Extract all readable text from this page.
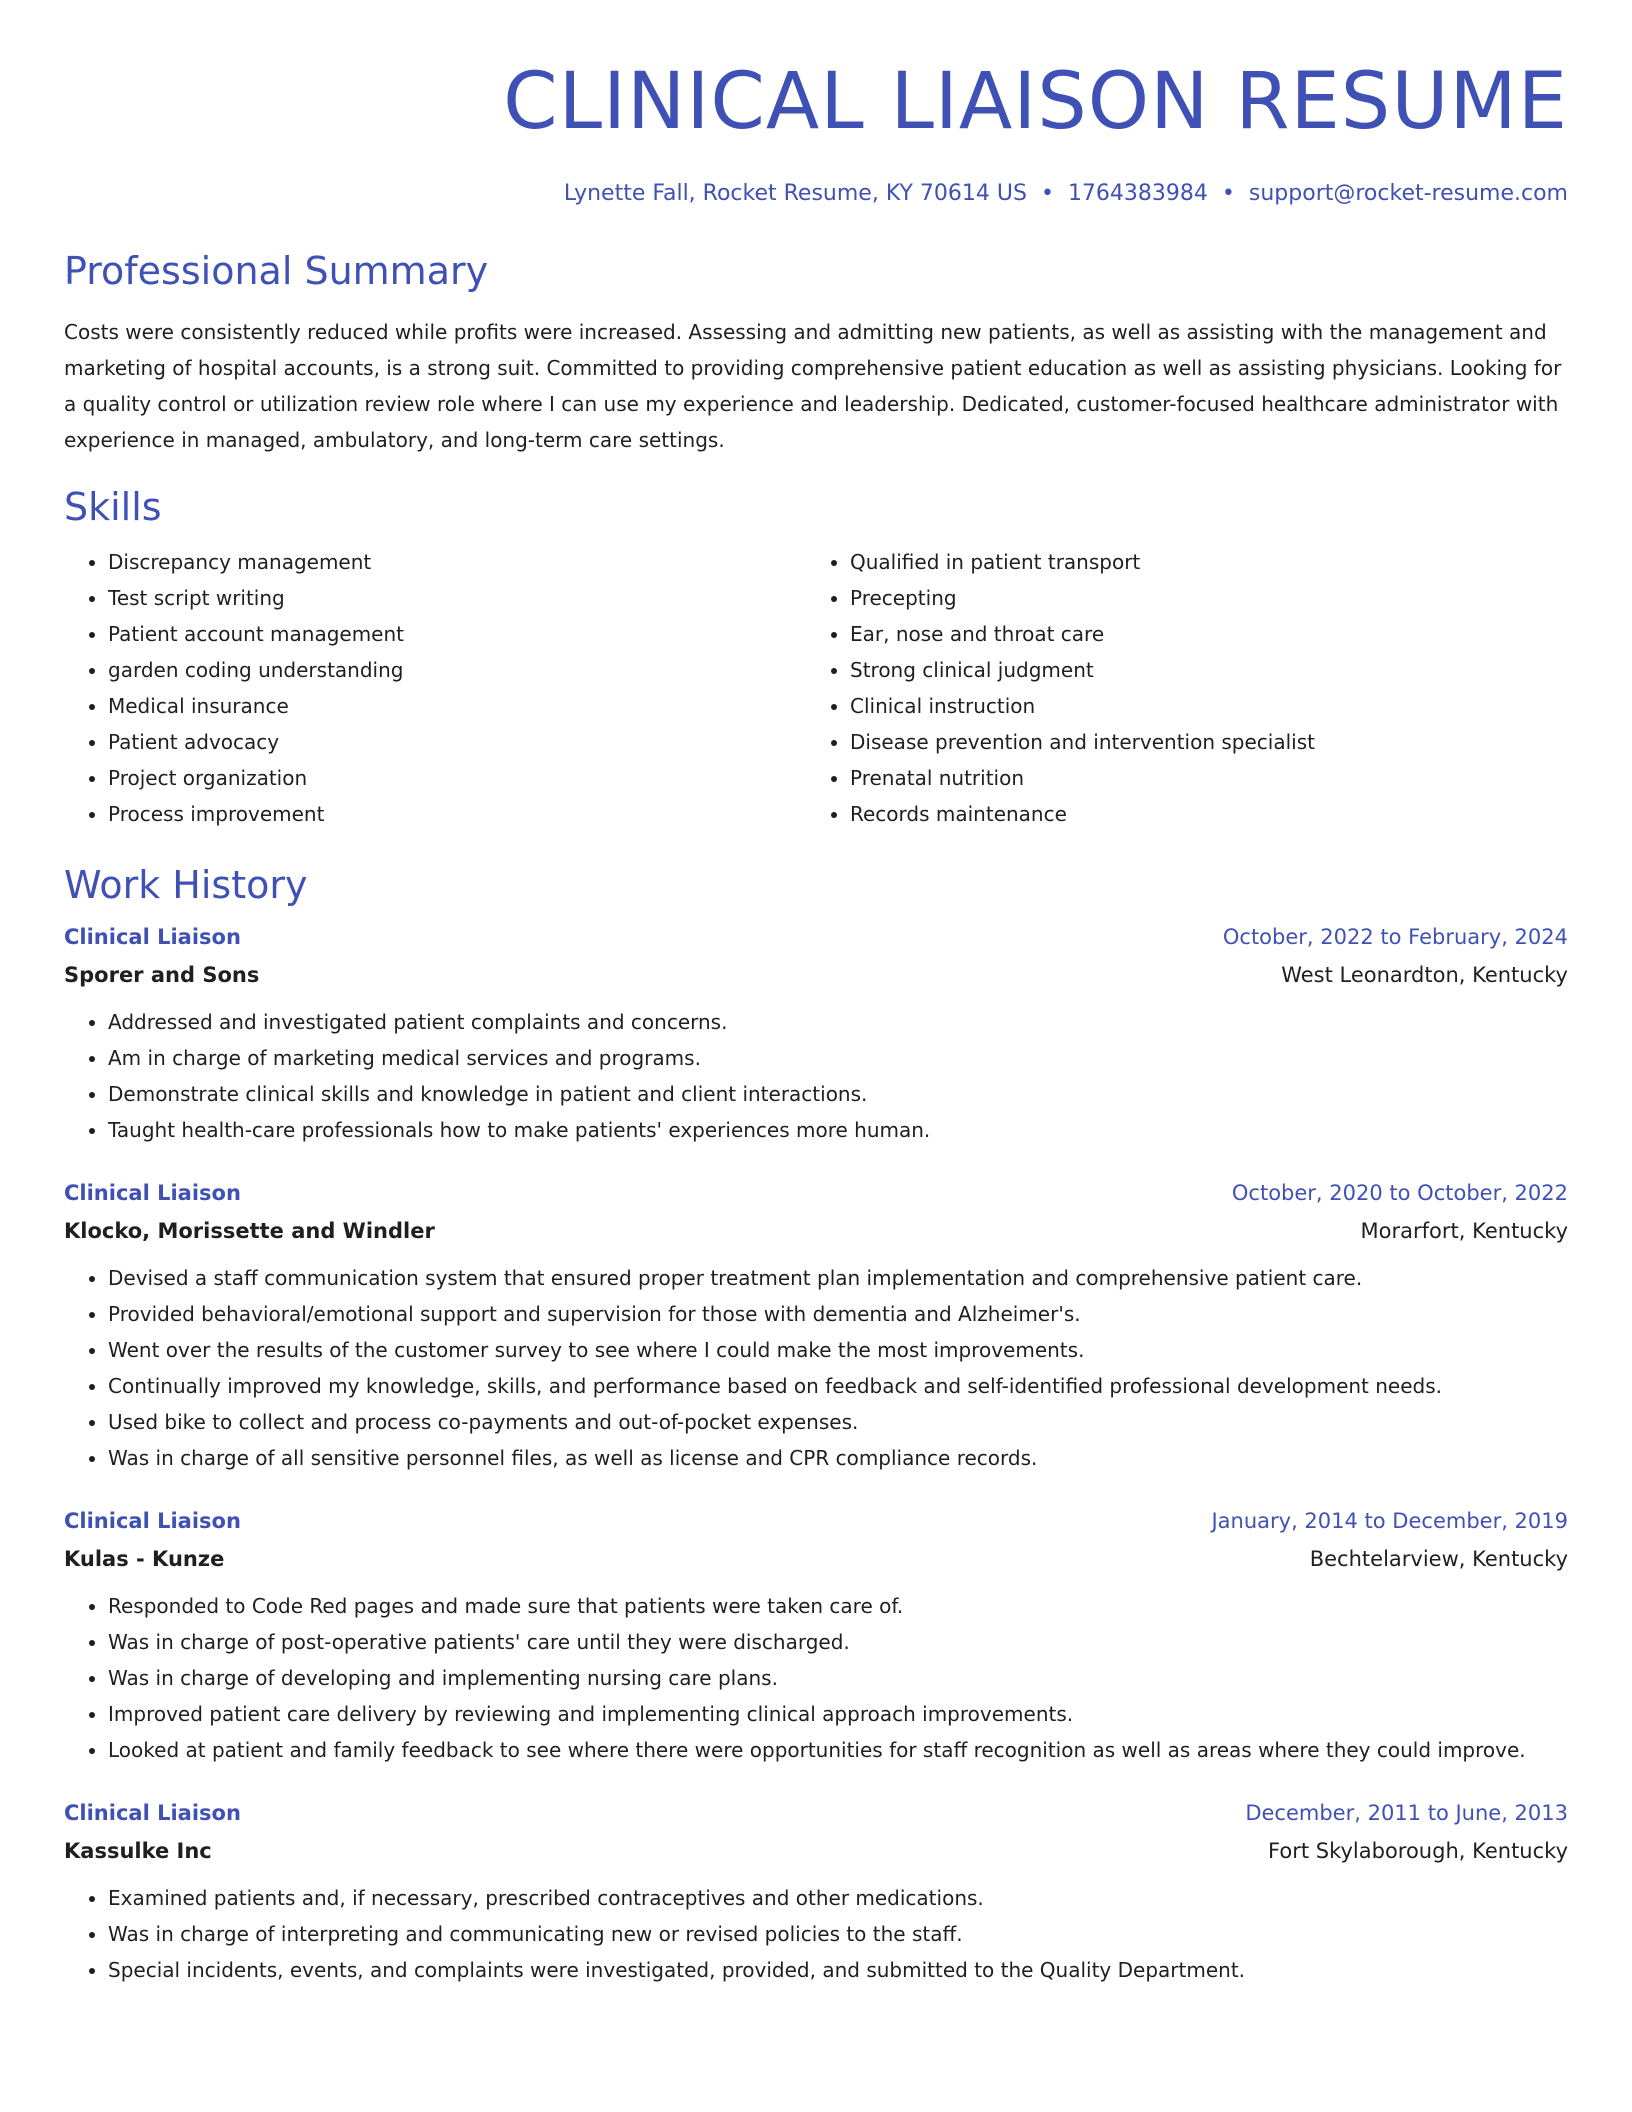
CLINICAL LIAISON RESUME
Lynette Fall, Rocket Resume, KY 70614 US • 1764383984 • support@rocket-resume.com
Professional Summary

Costs were consistently reduced while profits were increased. Assessing and admitting new patients, as well as assisting with the management and marketing of hospital accounts, is a strong suit. Committed to providing comprehensive patient education as well as assisting physicians. Looking for a quality control or utilization review role where I can use my experience and leadership. Dedicated, customer-focused healthcare administrator with experience in managed, ambulatory, and long-term care settings.

Skills
• Discrepancy management
• Test script writing
• Patient account management
• garden coding understanding
• Medical insurance
• Patient advocacy
• Project organization
• Process improvement
• Qualified in patient transport
• Precepting
• Ear, nose and throat care
• Strong clinical judgment
• Clinical instruction
• Disease prevention and intervention specialist
• Prenatal nutrition
• Records maintenance
Work History
Clinical Liaison	October, 2022 to February, 2024
Sporer and Sons	West Leonardton, Kentucky
• Addressed and investigated patient complaints and concerns.
• Am in charge of marketing medical services and programs.
• Demonstrate clinical skills and knowledge in patient and client interactions.
• Taught health-care professionals how to make patients' experiences more human.
Clinical Liaison	October, 2020 to October, 2022
Klocko, Morissette and Windler	Morarfort, Kentucky
• Devised a staff communication system that ensured proper treatment plan implementation and comprehensive patient care.
• Provided behavioral/emotional support and supervision for those with dementia and Alzheimer's.
• Went over the results of the customer survey to see where I could make the most improvements.
• Continually improved my knowledge, skills, and performance based on feedback and self-identified professional development needs.
• Used bike to collect and process co-payments and out-of-pocket expenses.
• Was in charge of all sensitive personnel files, as well as license and CPR compliance records.
Clinical Liaison	January, 2014 to December, 2019
Kulas - Kunze	Bechtelarview, Kentucky
• Responded to Code Red pages and made sure that patients were taken care of.
• Was in charge of post-operative patients' care until they were discharged.
• Was in charge of developing and implementing nursing care plans.
• Improved patient care delivery by reviewing and implementing clinical approach improvements.
• Looked at patient and family feedback to see where there were opportunities for staff recognition as well as areas where they could improve.
Clinical Liaison	December, 2011 to June, 2013
Kassulke Inc	Fort Skylaborough, Kentucky
• Examined patients and, if necessary, prescribed contraceptives and other medications.
• Was in charge of interpreting and communicating new or revised policies to the staff.
• Special incidents, events, and complaints were investigated, provided, and submitted to the Quality Department.
